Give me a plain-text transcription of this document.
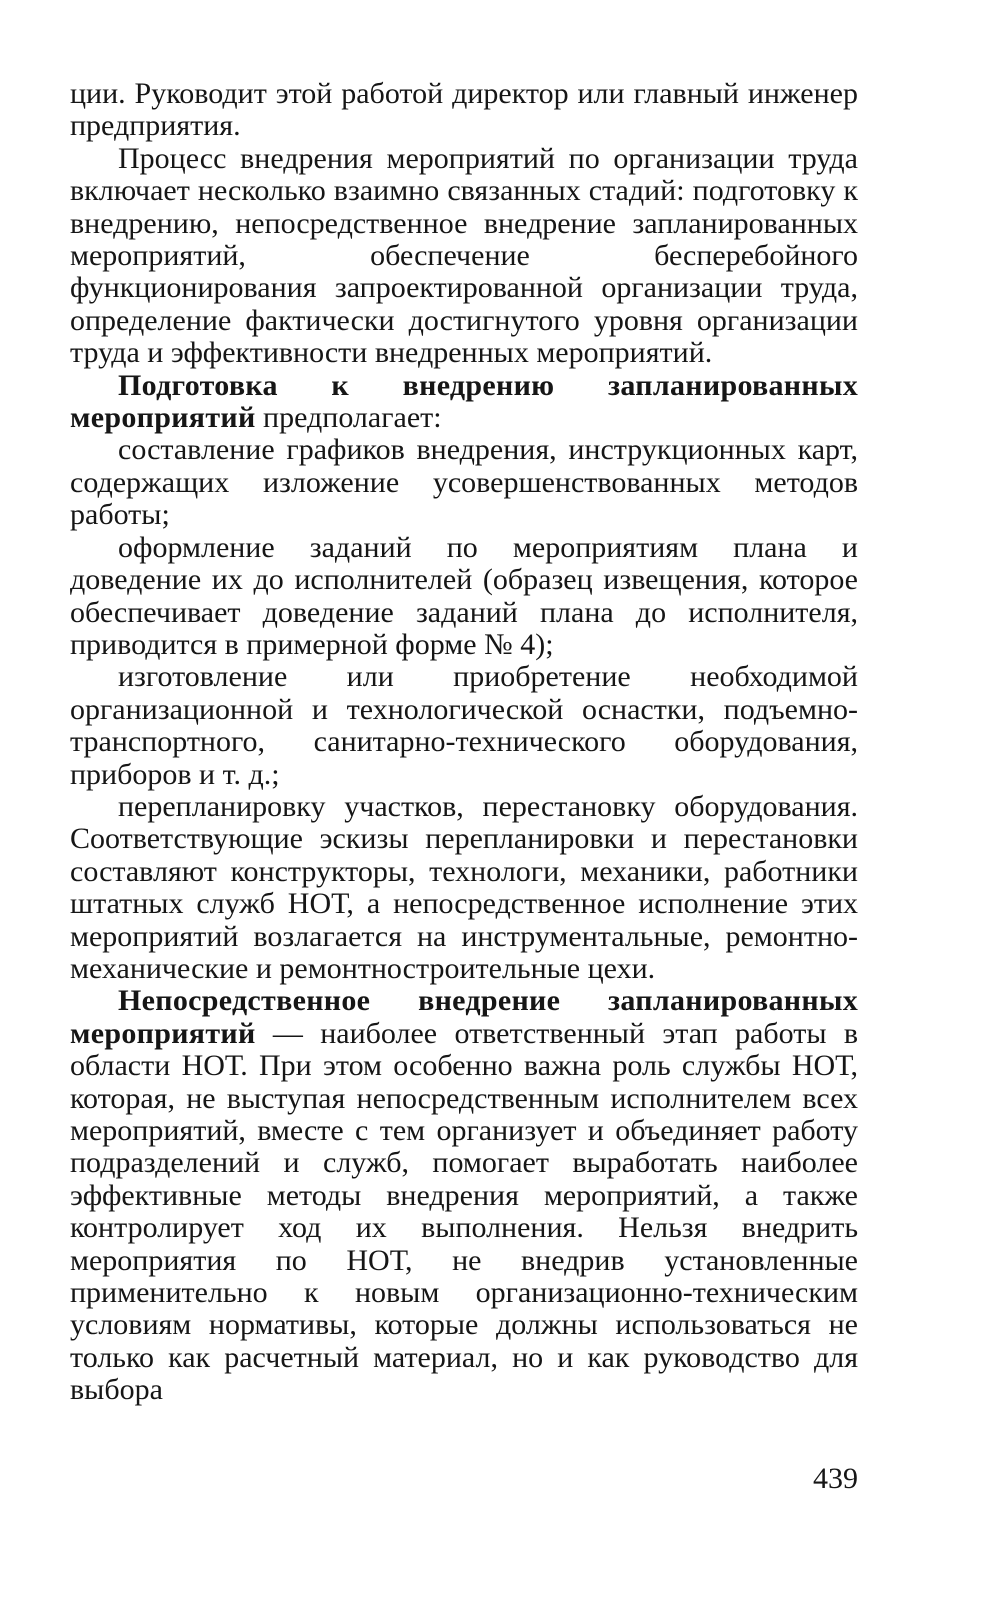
ции. Руководит этой работой директор или главный инженер предприятия.

Процесс внедрения мероприятий по организации труда включает несколько взаимно связанных стадий: подготовку к внедрению, непосредственное внедрение запланированных мероприятий, обеспечение бесперебойного функционирования запроектированной организации труда, определение фактически достигнутого уровня организации труда и эффективности внедренных мероприятий.

Подготовка к внедрению запланированных мероприятий предполагает:

составление графиков внедрения, инструкционных карт, содержащих изложение усовершенствованных методов работы;

оформление заданий по мероприятиям плана и доведение их до исполнителей (образец извещения, которое обеспечивает доведение заданий плана до исполнителя, приводится в примерной форме № 4);

изготовление или приобретение необходимой организационной и технологической оснастки, подъемно-транспортного, санитарно-технического оборудования, приборов и т. д.;

перепланировку участков, перестановку оборудования. Соответствующие эскизы перепланировки и перестановки составляют конструкторы, технологи, механики, работники штатных служб НОТ, а непосредственное исполнение этих мероприятий возлагается на инструментальные, ремонтно-механические и ремонтностроительные цехи.

Непосредственное внедрение запланированных мероприятий — наиболее ответственный этап работы в области НОТ. При этом особенно важна роль службы НОТ, которая, не выступая непосредственным исполнителем всех мероприятий, вместе с тем организует и объединяет работу подразделений и служб, помогает выработать наиболее эффективные методы внедрения мероприятий, а также контролирует ход их выполнения. Нельзя внедрить мероприятия по НОТ, не внедрив установленные применительно к новым организационно-техническим условиям нормативы, которые должны использоваться не только как расчетный материал, но и как руководство для выбора

439
